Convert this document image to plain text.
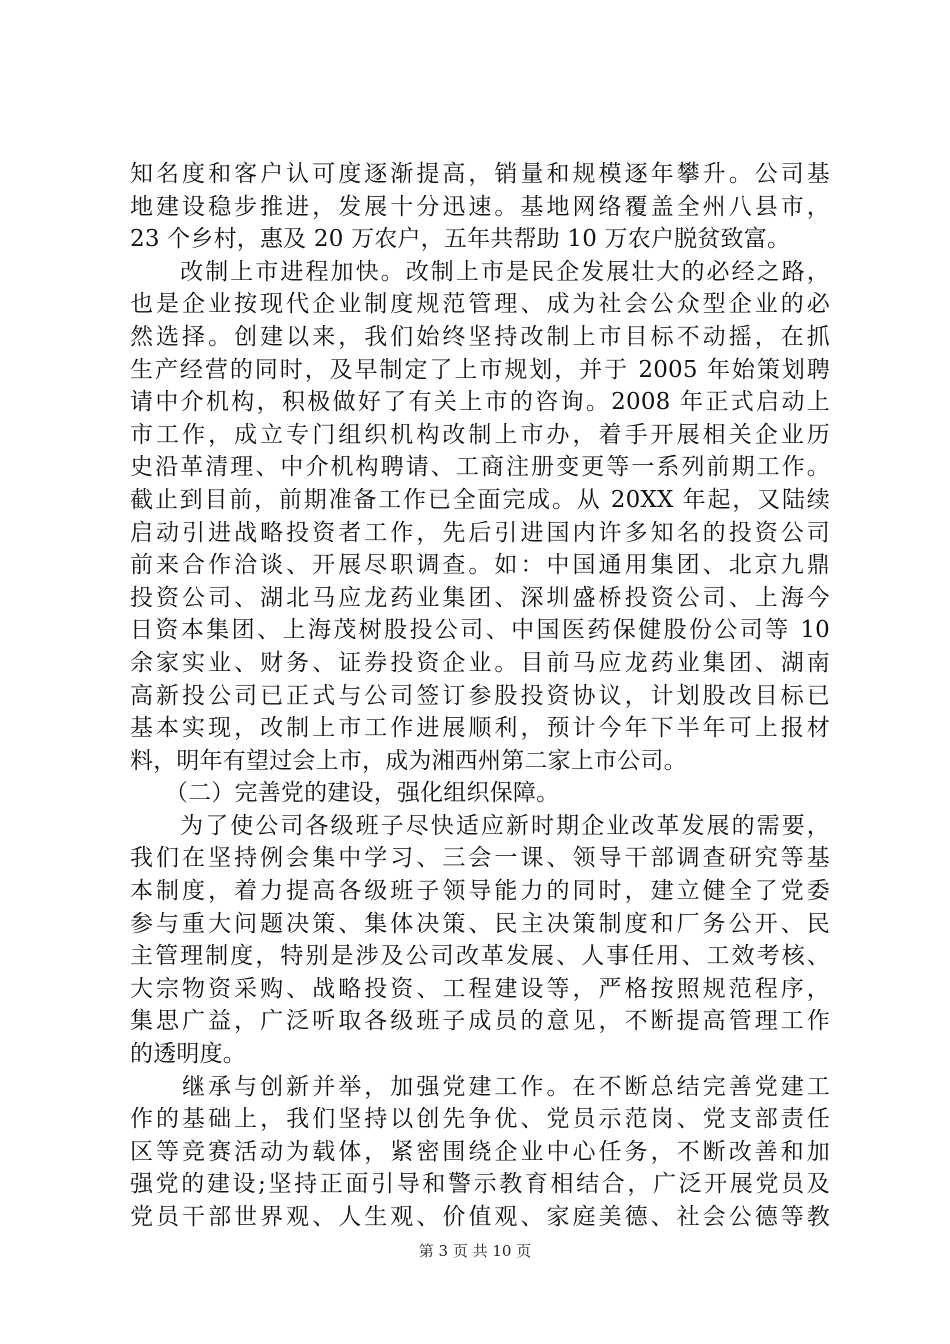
知名度和客户认可度逐渐提高，销量和规模逐年攀升。公司基
地建设稳步推进，发展十分迅速。基地网络覆盖全州八县市，
23 个乡村，惠及 20 万农户，五年共帮助 10 万农户脱贫致富。
　　改制上市进程加快。改制上市是民企发展壮大的必经之路，
也是企业按现代企业制度规范管理、成为社会公众型企业的必
然选择。创建以来，我们始终坚持改制上市目标不动摇，在抓
生产经营的同时，及早制定了上市规划，并于 2005 年始策划聘
请中介机构，积极做好了有关上市的咨询。2008 年正式启动上
市工作，成立专门组织机构改制上市办，着手开展相关企业历
史沿革清理、中介机构聘请、工商注册变更等一系列前期工作。
截止到目前，前期准备工作已全面完成。从 20XX 年起，又陆续
启动引进战略投资者工作，先后引进国内许多知名的投资公司
前来合作洽谈、开展尽职调查。如：中国通用集团、北京九鼎
投资公司、湖北马应龙药业集团、深圳盛桥投资公司、上海今
日资本集团、上海茂树股投公司、中国医药保健股份公司等 10
余家实业、财务、证券投资企业。目前马应龙药业集团、湖南
高新投公司已正式与公司签订参股投资协议，计划股改目标已
基本实现，改制上市工作进展顺利，预计今年下半年可上报材
料，明年有望过会上市，成为湘西州第二家上市公司。
　　（二）完善党的建设，强化组织保障。
　　为了使公司各级班子尽快适应新时期企业改革发展的需要，
我们在坚持例会集中学习、三会一课、领导干部调查研究等基
本制度，着力提高各级班子领导能力的同时，建立健全了党委
参与重大问题决策、集体决策、民主决策制度和厂务公开、民
主管理制度，特别是涉及公司改革发展、人事任用、工效考核、
大宗物资采购、战略投资、工程建设等，严格按照规范程序，
集思广益，广泛听取各级班子成员的意见，不断提高管理工作
的透明度。
　　继承与创新并举，加强党建工作。在不断总结完善党建工
作的基础上，我们坚持以创先争优、党员示范岗、党支部责任
区等竞赛活动为载体，紧密围绕企业中心任务，不断改善和加
强党的建设;坚持正面引导和警示教育相结合，广泛开展党员及
党员干部世界观、人生观、价值观、家庭美德、社会公德等教
第 3 页 共 10 页
